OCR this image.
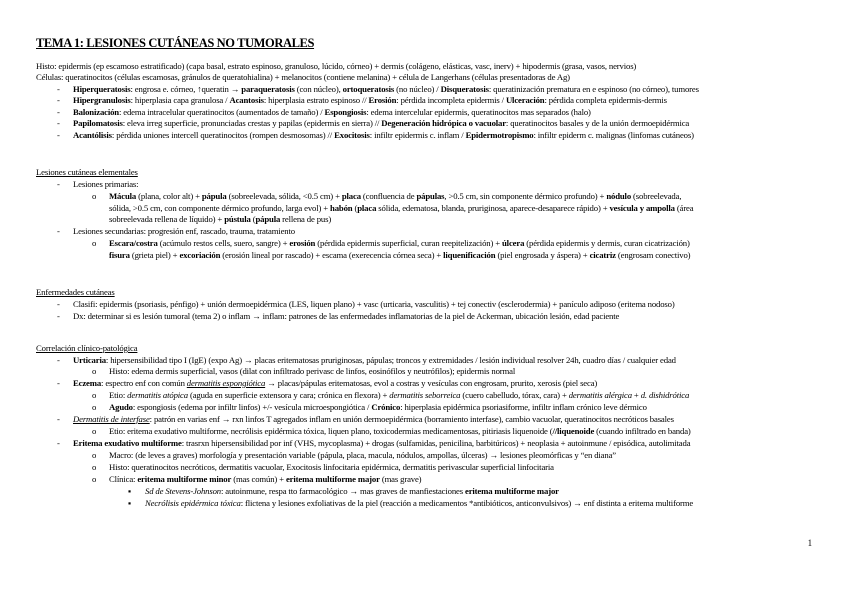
TEMA 1: LESIONES CUTÁNEAS NO TUMORALES
Histo: epidermis (ep escamoso estratificado) (capa basal, estrato espinoso, granuloso, lúcido, córneo) + dermis (colágeno, elásticas, vasc, inerv) + hipodermis (grasa, vasos, nervios)
Células: queratinocitos (células escamosas, gránulos de queratohialina) + melanocitos (contiene melanina) + célula de Langerhans (células presentadoras de Ag)
- Hiperqueratosis: engrosa e. córneo, ↑queratin → paraqueratosis (con núcleo), ortoqueratosis (no núcleo) / Disqueratosis: queratinización prematura en e espinoso (no córneo), tumores
- Hipergranulosis: hiperplasia capa granulosa / Acantosis: hiperplasia estrato espinoso // Erosión: pérdida incompleta epidermis / Ulceración: pérdida completa epidermis-dermis
- Balonización: edema intracelular queratinocitos (aumentados de tamaño) / Espongiosis: edema intercelular epidermis, queratinocitos mas separados (halo)
- Papilomatosis: eleva irreg superficie, pronunciadas crestas y papilas (epidermis en sierra) // Degeneración hidrópica o vacuolar: queratinocitos basales y de la unión dermoepidérmica
- Acantólisis: pérdida uniones intercell queratinocitos (rompen desmosomas) // Exocitosis: infiltr epidermis c. inflam / Epidermotropismo: infiltr epiderm c. malignas (linfomas cutáneos)
Lesiones cutáneas elementales
- Lesiones primarias:
o Mácula (plana, color alt) + pápula (sobreelevada, sólida, <0.5 cm) + placa (confluencia de pápulas, >0.5 cm, sin componente dérmico profundo) + nódulo (sobreelevada,
sólida, >0.5 cm, con componente dérmico profundo, larga evol) + habón (placa sólida, edematosa, blanda, pruriginosa, aparece-desaparece rápido) + vesícula y ampolla (área
sobreelevada rellena de líquido) + pústula (pápula rellena de pus)
- Lesiones secundarias: progresión enf, rascado, trauma, tratamiento
o Escara/costra (acúmulo restos cells, suero, sangre) + erosión (pérdida epidermis superficial, curan reepitelización) + úlcera (pérdida epidermis y dermis, curan cicatrización)
fisura (grieta piel) + excoriación (erosión lineal por rascado) + escama (exerecencia córnea seca) + liquenificación (piel engrosada y áspera) + cicatriz (engrosam conectivo)
Enfermedades cutáneas
- Clasifi: epidermis (psoriasis, pénfigo) + unión dermoepidérmica (LES, liquen plano) + vasc (urticaria, vasculitis) + tej conectiv (esclerodermia) + panículo adiposo (eritema nodoso)
- Dx: determinar si es lesión tumoral (tema 2) o inflam → inflam: patrones de las enfermedades inflamatorias de la piel de Ackerman, ubicación lesión, edad paciente
Correlación clínico-patológica
- Urticaria: hipersensibilidad tipo I (IgE) (expo Ag) → placas eritematosas pruriginosas, pápulas; troncos y extremidades / lesión individual resolver 24h, cuadro días / cualquier edad
o Histo: edema dermis superficial, vasos (dilat con infiltrado perivasc de linfos, eosinófilos y neutrófilos); epidermis normal
- Eczema: espectro enf con común dermatitis espongiótica → placas/pápulas eritematosas, evol a costras y vesículas con engrosam, prurito, xerosis (piel seca)
o Etio: dermatitis atópica (aguda en superficie extensora y cara; crónica en flexora) + dermatitis seborreica (cuero cabelludo, tórax, cara) + dermatitis alérgica + d. dishidrótica
o Agudo: espongiosis (edema por infiltr linfos) +/- vesícula microespongiótica / Crónico: hiperplasia epidérmica psoriasiforme, infiltr inflam crónico leve dérmico
- Dermatitis de interfase: patrón en varias enf → rxn linfos T agregados inflam en unión dermoepidérmica (borramiento interfase), cambio vacuolar, queratinocitos necróticos basales
o Etio: eritema exudativo multiforme, necrólisis epidérmica tóxica, liquen plano, toxicodermias medicamentosas, pitiriasis liquenoide (//liquenoide (cuando infiltrado en banda)
- Eritema exudativo multiforme: trasrxn hipersensibilidad por inf (VHS, mycoplasma) + drogas (sulfamidas, penicilina, barbitúricos) + neoplasia + autoinmune / episódica, autolimitada
o Macro: (de leves a graves) morfología y presentación variable (pápula, placa, macula, nódulos, ampollas, úlceras) → lesiones pleomórficas y “en diana”
o Histo: queratinocitos necróticos, dermatitis vacuolar, Exocitosis linfocitaria epidérmica, dermatitis perivascular superficial linfocitaria
o Clínica: eritema multiforme minor (mas común) + eritema multiforme major (mas grave)
▪ Sd de Stevens-Johnson: autoinmune, respa tto farmacológico → mas graves de manfiestaciones eritema multiforme major
▪ Necrólisis epidérmica tóxica: flictena y lesiones exfoliativas de la piel (reacción a medicamentos *antibióticos, anticonvulsivos) → enf distinta a eritema multiforme
1
